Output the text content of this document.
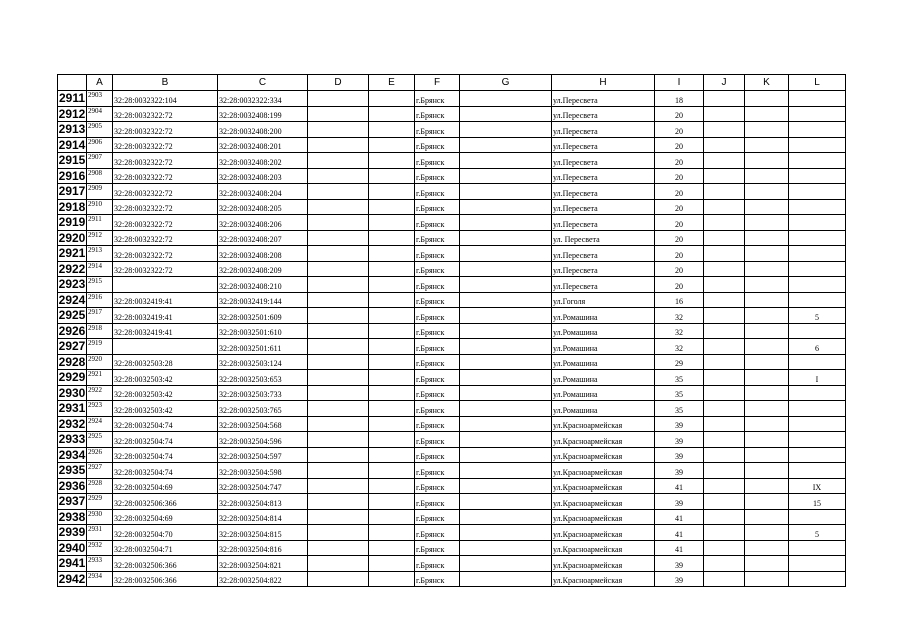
	A	B	C	D	E	F	G	H	I	J	K	L
2911	2903	32:28:0032322:104	32:28:0032322:334			г.Брянск		ул.Пересвета	18			
2912	2904	32:28:0032322:72	32:28:0032408:199			г.Брянск		ул.Пересвета	20			
2913	2905	32:28:0032322:72	32:28:0032408:200			г.Брянск		ул.Пересвета	20			
2914	2906	32:28:0032322:72	32:28:0032408:201			г.Брянск		ул.Пересвета	20			
2915	2907	32:28:0032322:72	32:28:0032408:202			г.Брянск		ул.Пересвета	20			
2916	2908	32:28:0032322:72	32:28:0032408:203			г.Брянск		ул.Пересвета	20			
2917	2909	32:28:0032322:72	32:28:0032408:204			г.Брянск		ул.Пересвета	20			
2918	2910	32:28:0032322:72	32:28:0032408:205			г.Брянск		ул.Пересвета	20			
2919	2911	32:28:0032322:72	32:28:0032408:206			г.Брянск		ул.Пересвета	20			
2920	2912	32:28:0032322:72	32:28:0032408:207			г.Брянск		ул. Пересвета	20			
2921	2913	32:28:0032322:72	32:28:0032408:208			г.Брянск		ул.Пересвета	20			
2922	2914	32:28:0032322:72	32:28:0032408:209			г.Брянск		ул.Пересвета	20			
2923	2915		32:28:0032408:210			г.Брянск		ул.Пересвета	20			
2924	2916	32:28:0032419:41	32:28:0032419:144			г.Брянск		ул.Гоголя	16			
2925	2917	32:28:0032419:41	32:28:0032501:609			г.Брянск		ул.Ромашина	32			5
2926	2918	32:28:0032419:41	32:28:0032501:610			г.Брянск		ул.Ромашина	32			
2927	2919		32:28:0032501:611			г.Брянск		ул.Ромашина	32			6
2928	2920	32:28:0032503:28	32:28:0032503:124			г.Брянск		ул.Ромашина	29			
2929	2921	32:28:0032503:42	32:28:0032503:653			г.Брянск		ул.Ромашина	35			I
2930	2922	32:28:0032503:42	32:28:0032503:733			г.Брянск		ул.Ромашина	35			
2931	2923	32:28:0032503:42	32:28:0032503:765			г.Брянск		ул.Ромашина	35			
2932	2924	32:28:0032504:74	32:28:0032504:568			г.Брянск		ул.Красноармейская	39			
2933	2925	32:28:0032504:74	32:28:0032504:596			г.Брянск		ул.Красноармейская	39			
2934	2926	32:28:0032504:74	32:28:0032504:597			г.Брянск		ул.Красноармейская	39			
2935	2927	32:28:0032504:74	32:28:0032504:598			г.Брянск		ул.Красноармейская	39			
2936	2928	32:28:0032504:69	32:28:0032504:747			г.Брянск		ул.Красноармейская	41			IX
2937	2929	32:28:0032506:366	32:28:0032504:813			г.Брянск		ул.Красноармейская	39			15
2938	2930	32:28:0032504:69	32:28:0032504:814			г.Брянск		ул.Красноармейская	41			
2939	2931	32:28:0032504:70	32:28:0032504:815			г.Брянск		ул.Красноармейская	41			5
2940	2932	32:28:0032504:71	32:28:0032504:816			г.Брянск		ул.Красноармейская	41			
2941	2933	32:28:0032506:366	32:28:0032504:821			г.Брянск		ул.Красноармейская	39			
2942	2934	32:28:0032506:366	32:28:0032504:822			г.Брянск		ул.Красноармейская	39			
